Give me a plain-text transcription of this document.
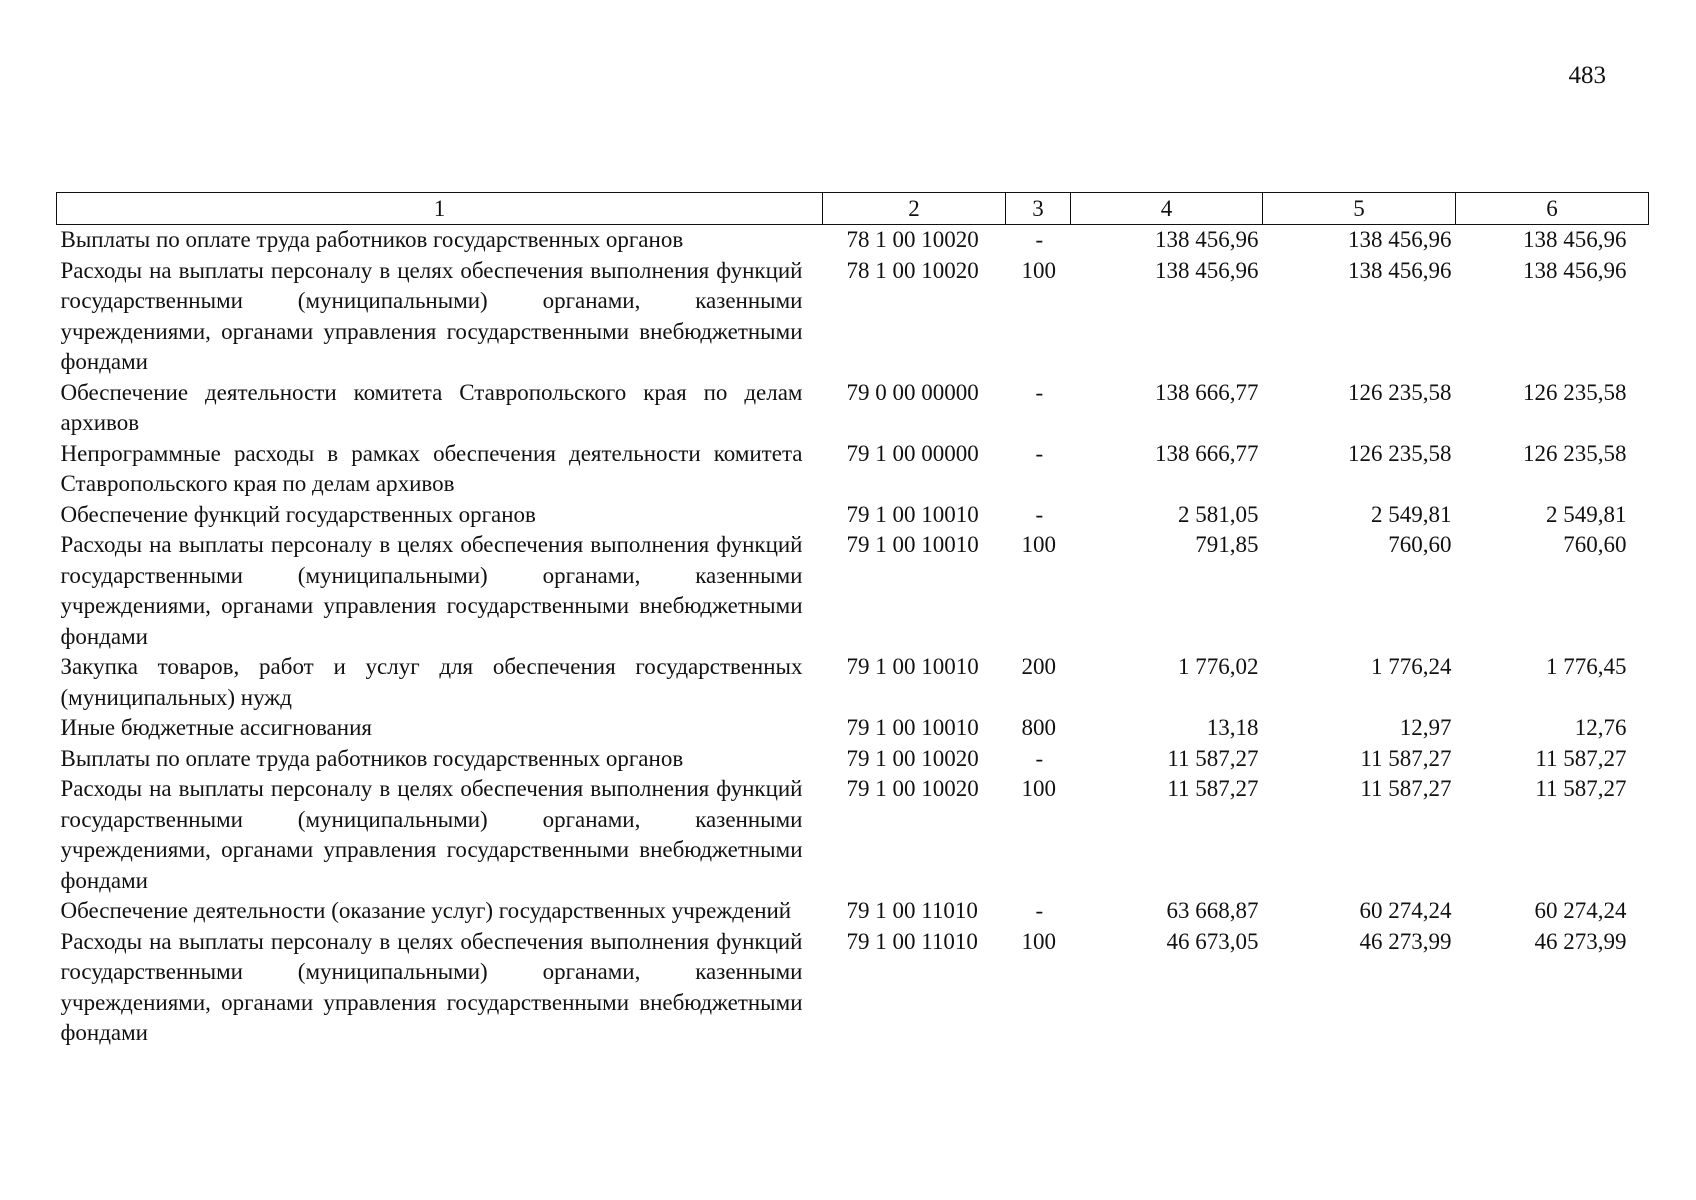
483
1	2	3	4	5	6
Выплаты по оплате труда работников государственных органов	78 1 00 10020	-	138 456,96	138 456,96	138 456,96
Расходы на выплаты персоналу в целях обеспечения выполнения функций государственными (муниципальными) органами, казенными учреждениями, органами управления государственными внебюджетными фондами	78 1 00 10020	100	138 456,96	138 456,96	138 456,96
Обеспечение деятельности комитета Ставропольского края по делам архивов	79 0 00 00000	-	138 666,77	126 235,58	126 235,58
Непрограммные расходы в рамках обеспечения деятельности комитета Ставропольского края по делам архивов	79 1 00 00000	-	138 666,77	126 235,58	126 235,58
Обеспечение функций государственных органов	79 1 00 10010	-	2 581,05	2 549,81	2 549,81
Расходы на выплаты персоналу в целях обеспечения выполнения функций государственными (муниципальными) органами, казенными учреждениями, органами управления государственными внебюджетными фондами	79 1 00 10010	100	791,85	760,60	760,60
Закупка товаров, работ и услуг для обеспечения государственных (муниципальных) нужд	79 1 00 10010	200	1 776,02	1 776,24	1 776,45
Иные бюджетные ассигнования	79 1 00 10010	800	13,18	12,97	12,76
Выплаты по оплате труда работников государственных органов	79 1 00 10020	-	11 587,27	11 587,27	11 587,27
Расходы на выплаты персоналу в целях обеспечения выполнения функций государственными (муниципальными) органами, казенными учреждениями, органами управления государственными внебюджетными фондами	79 1 00 10020	100	11 587,27	11 587,27	11 587,27
Обеспечение деятельности (оказание услуг) государственных учреждений	79 1 00 11010	-	63 668,87	60 274,24	60 274,24
Расходы на выплаты персоналу в целях обеспечения выполнения функций государственными (муниципальными) органами, казенными учреждениями, органами управления государственными внебюджетными фондами	79 1 00 11010	100	46 673,05	46 273,99	46 273,99
